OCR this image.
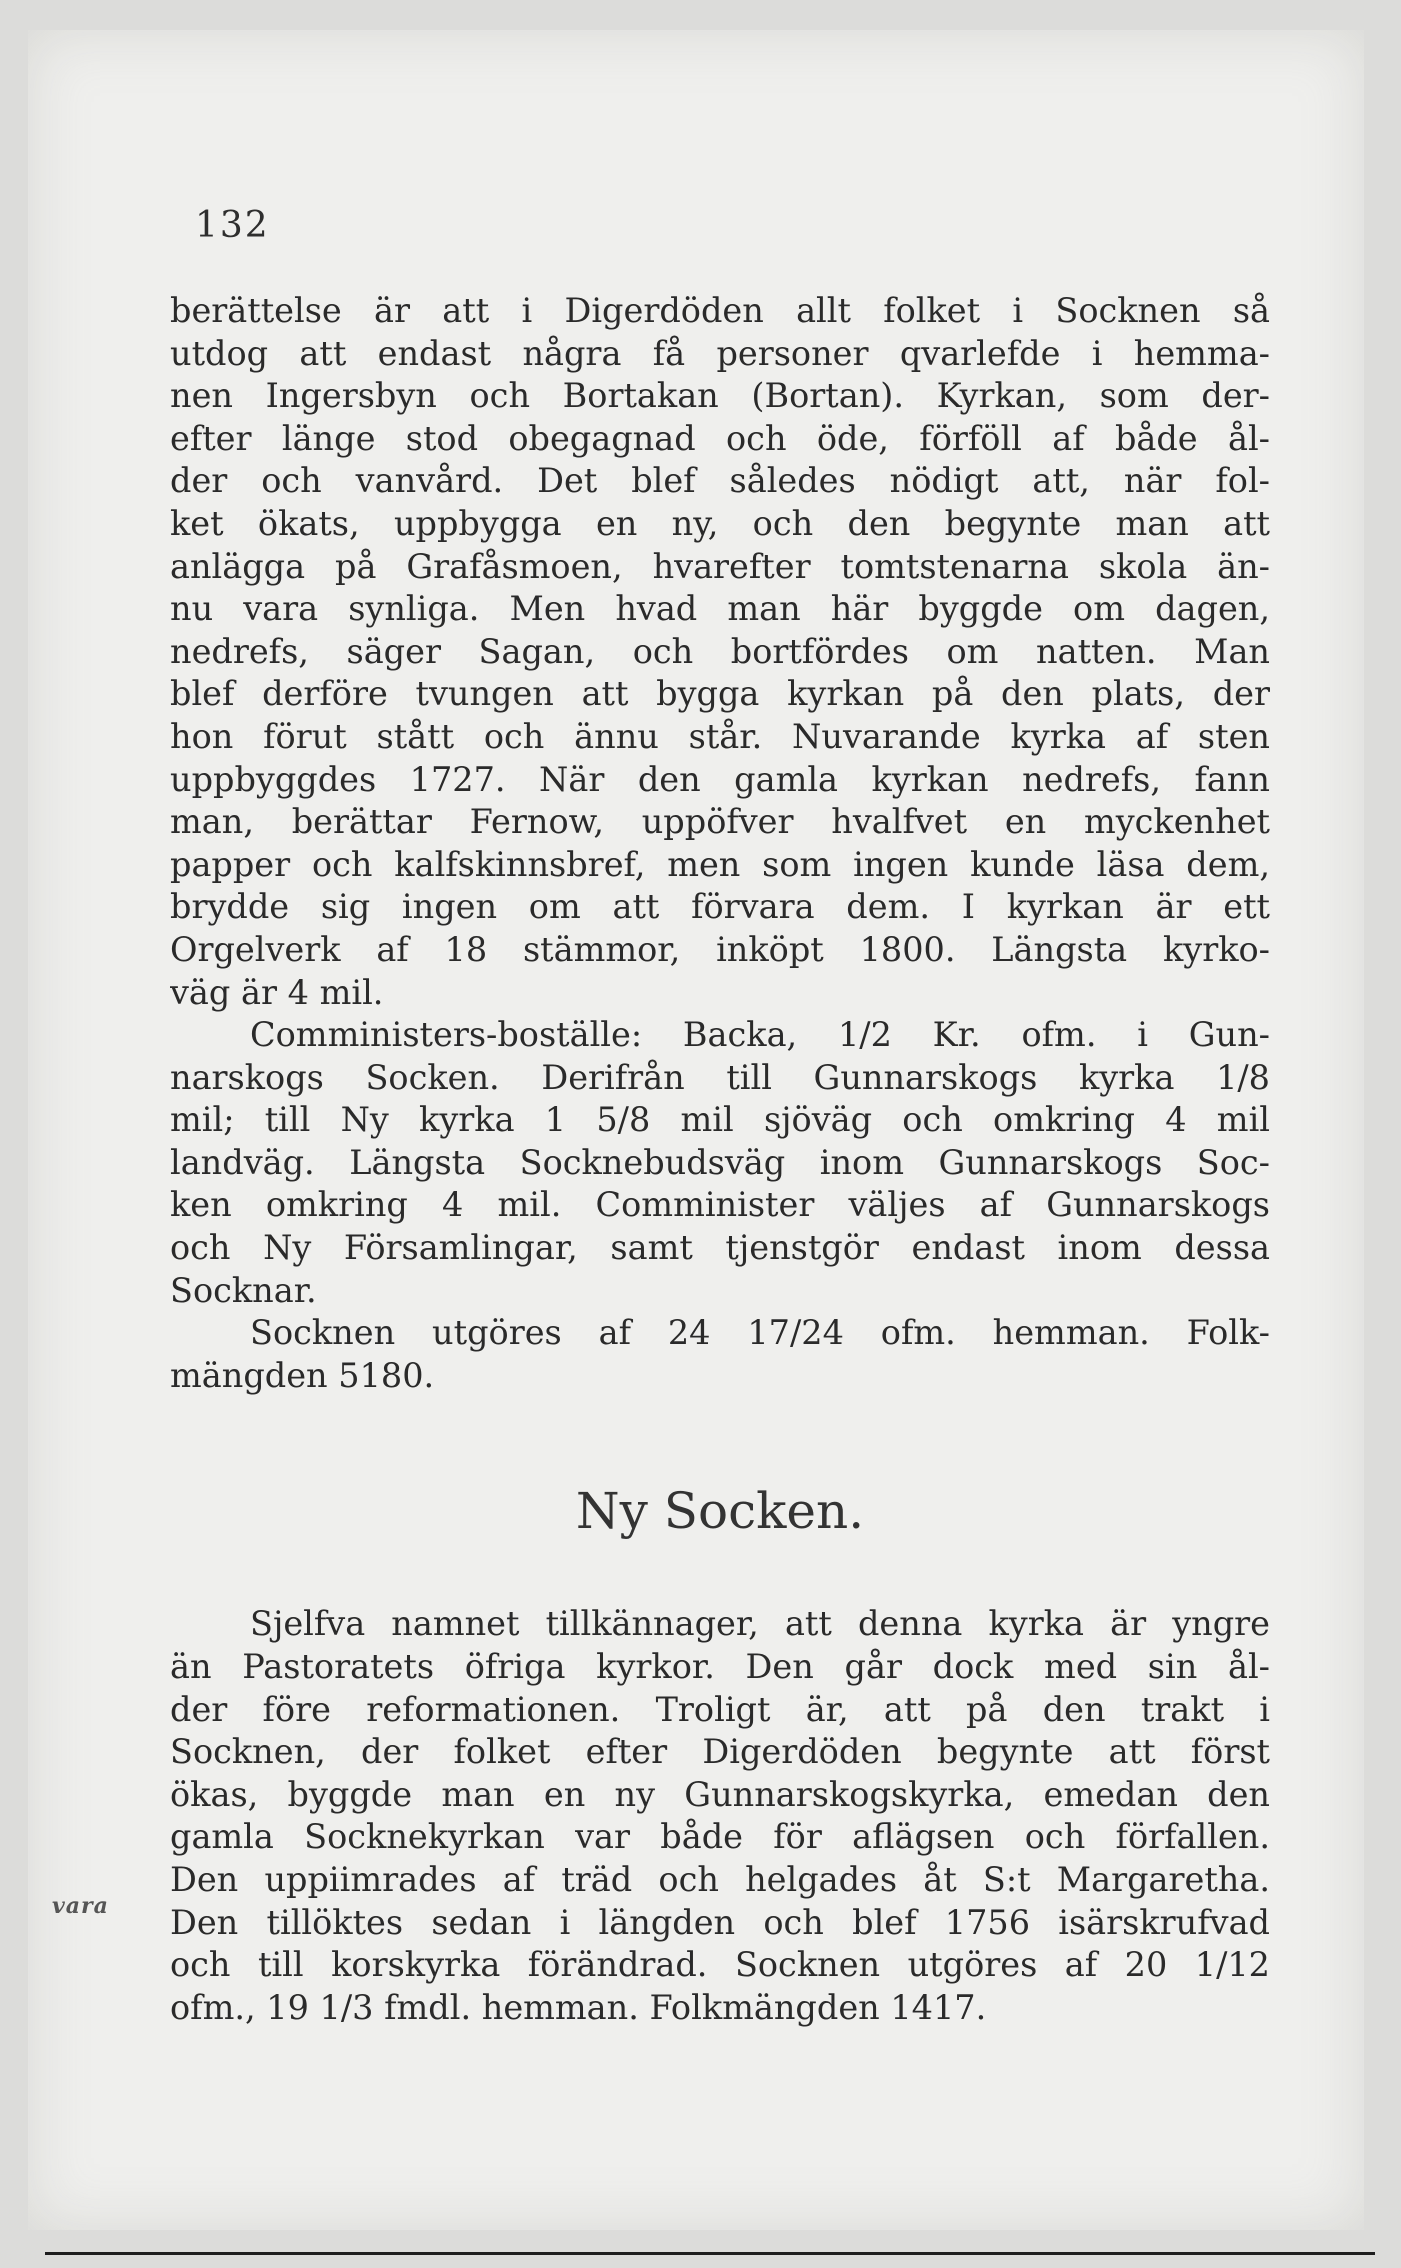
132
berättelse är att i Digerdöden allt folket i Socknen så
utdog att endast några få personer qvarlefde i hemma-
nen Ingersbyn och Bortakan (Bortan). Kyrkan, som der-
efter länge stod obegagnad och öde, förföll af både ål-
der och vanvård. Det blef således nödigt att, när fol-
ket ökats, uppbygga en ny, och den begynte man att
anlägga på Grafåsmoen, hvarefter tomtstenarna skola än-
nu vara synliga. Men hvad man här byggde om dagen,
nedrefs, säger Sagan, och bortfördes om natten. Man
blef derföre tvungen att bygga kyrkan på den plats, der
hon förut stått och ännu står. Nuvarande kyrka af sten
uppbyggdes 1727. När den gamla kyrkan nedrefs, fann
man, berättar Fernow, uppöfver hvalfvet en myckenhet
papper och kalfskinnsbref, men som ingen kunde läsa dem,
brydde sig ingen om att förvara dem. I kyrkan är ett
Orgelverk af 18 stämmor, inköpt 1800. Längsta kyrko-
väg är 4 mil.
Comministers-boställe: Backa, 1/2 Kr. ofm. i Gun-
narskogs Socken. Derifrån till Gunnarskogs kyrka 1/8
mil; till Ny kyrka 1 5/8 mil sjöväg och omkring 4 mil
landväg. Längsta Socknebudsväg inom Gunnarskogs Soc-
ken omkring 4 mil. Comminister väljes af Gunnarskogs
och Ny Församlingar, samt tjenstgör endast inom dessa
Socknar.
Socknen utgöres af 24 17/24 ofm. hemman. Folk-
mängden 5180.
Ny Socken.
Sjelfva namnet tillkännager, att denna kyrka är yngre
än Pastoratets öfriga kyrkor. Den går dock med sin ål-
der före reformationen. Troligt är, att på den trakt i
Socknen, der folket efter Digerdöden begynte att först
ökas, byggde man en ny Gunnarskogskyrka, emedan den
gamla Socknekyrkan var både för aflägsen och förfallen.
Den uppiimrades af träd och helgades åt S:t Margaretha.
Den tillöktes sedan i längden och blef 1756 isärskrufvad
och till korskyrka förändrad. Socknen utgöres af 20 1/12
ofm., 19 1/3 fmdl. hemman. Folkmängden 1417.
vara
